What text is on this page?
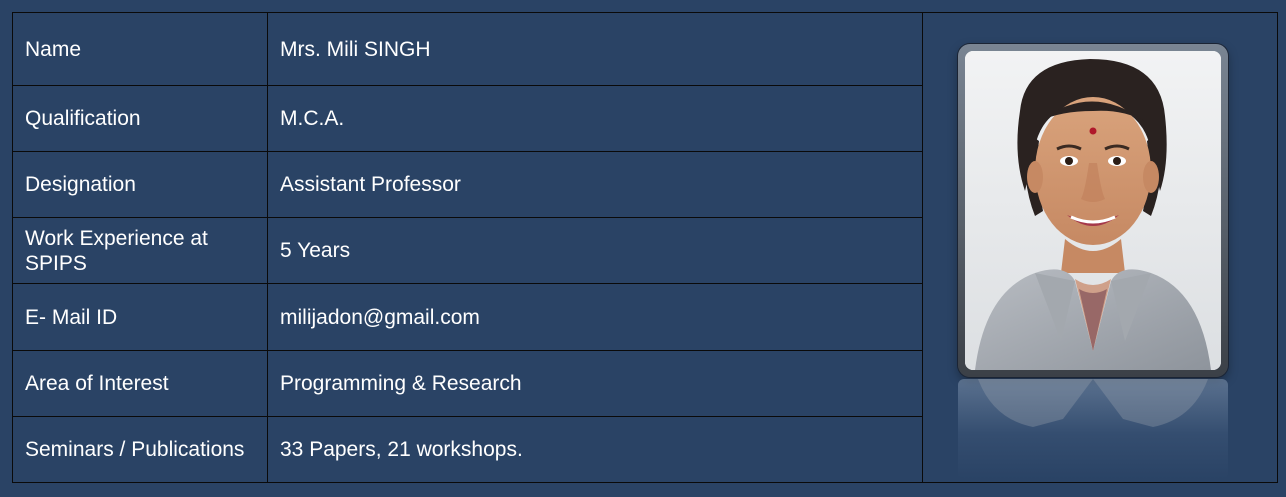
Name	Mrs. Mili SINGH	

Qualification	M.C.A.	
Designation	Assistant Professor	
Work Experience at SPIPS	5 Years	
E- Mail ID	milijadon@gmail.com	
Area of Interest	Programming & Research	
Seminars / Publications	33 Papers, 21 workshops.	
